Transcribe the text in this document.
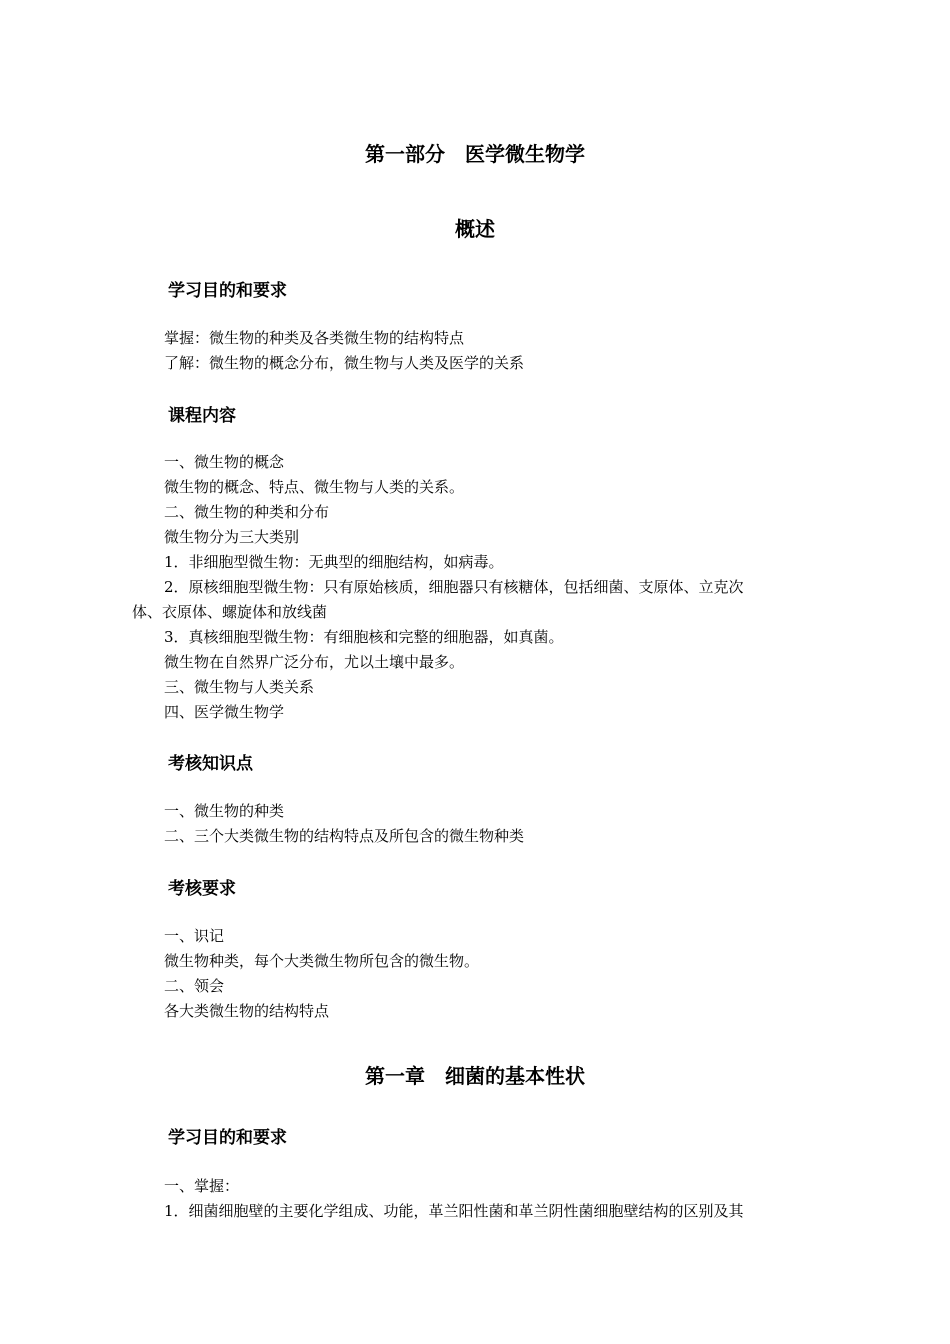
第一部分　医学微生物学
概述
学习目的和要求
掌握：微生物的种类及各类微生物的结构特点
了解：微生物的概念分布，微生物与人类及医学的关系
课程内容
一、微生物的概念
微生物的概念、特点、微生物与人类的关系。
二、微生物的种类和分布
微生物分为三大类别
1．非细胞型微生物：无典型的细胞结构，如病毒。
2．原核细胞型微生物：只有原始核质，细胞器只有核糖体，包括细菌、支原体、立克次
体、衣原体、螺旋体和放线菌
3．真核细胞型微生物：有细胞核和完整的细胞器，如真菌。
微生物在自然界广泛分布，尤以土壤中最多。
三、微生物与人类关系
四、医学微生物学
考核知识点
一、微生物的种类
二、三个大类微生物的结构特点及所包含的微生物种类
考核要求
一、识记
微生物种类，每个大类微生物所包含的微生物。
二、领会
各大类微生物的结构特点
第一章　细菌的基本性状
学习目的和要求
一、掌握：
1．细菌细胞壁的主要化学组成、功能，革兰阳性菌和革兰阴性菌细胞壁结构的区别及其
